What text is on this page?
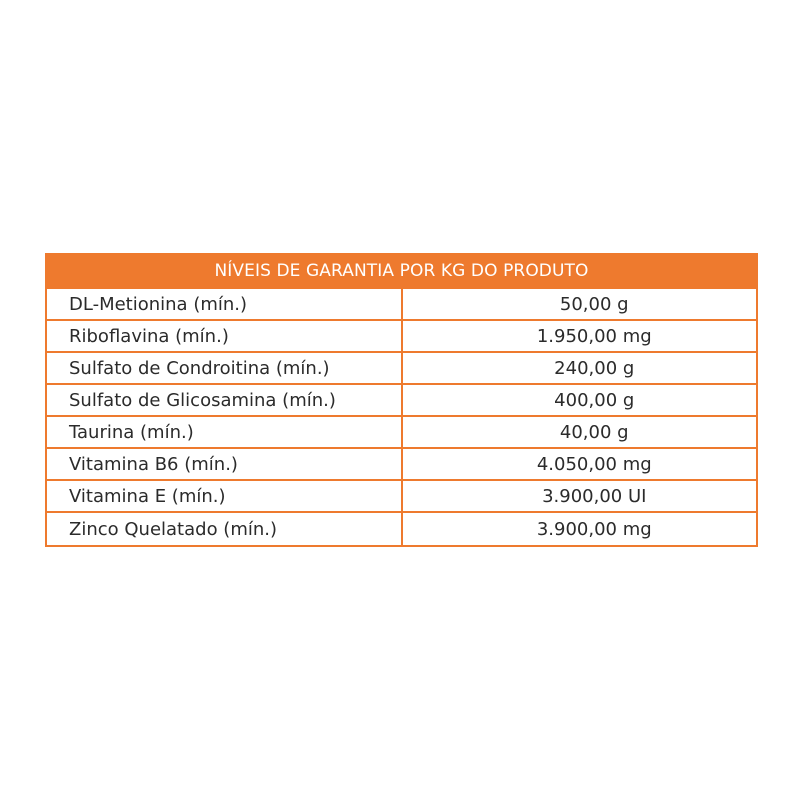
NÍVEIS DE GARANTIA POR KG DO PRODUTO	
DL-Metionina (mín.)	50,00 g
Riboflavina (mín.)	1.950,00 mg
Sulfato de Condroitina (mín.)	240,00 g
Sulfato de Glicosamina (mín.)	400,00 g
Taurina (mín.)	40,00 g
Vitamina B6 (mín.)	4.050,00 mg
Vitamina E (mín.)	3.900,00 UI
Zinco Quelatado (mín.)	3.900,00 mg
